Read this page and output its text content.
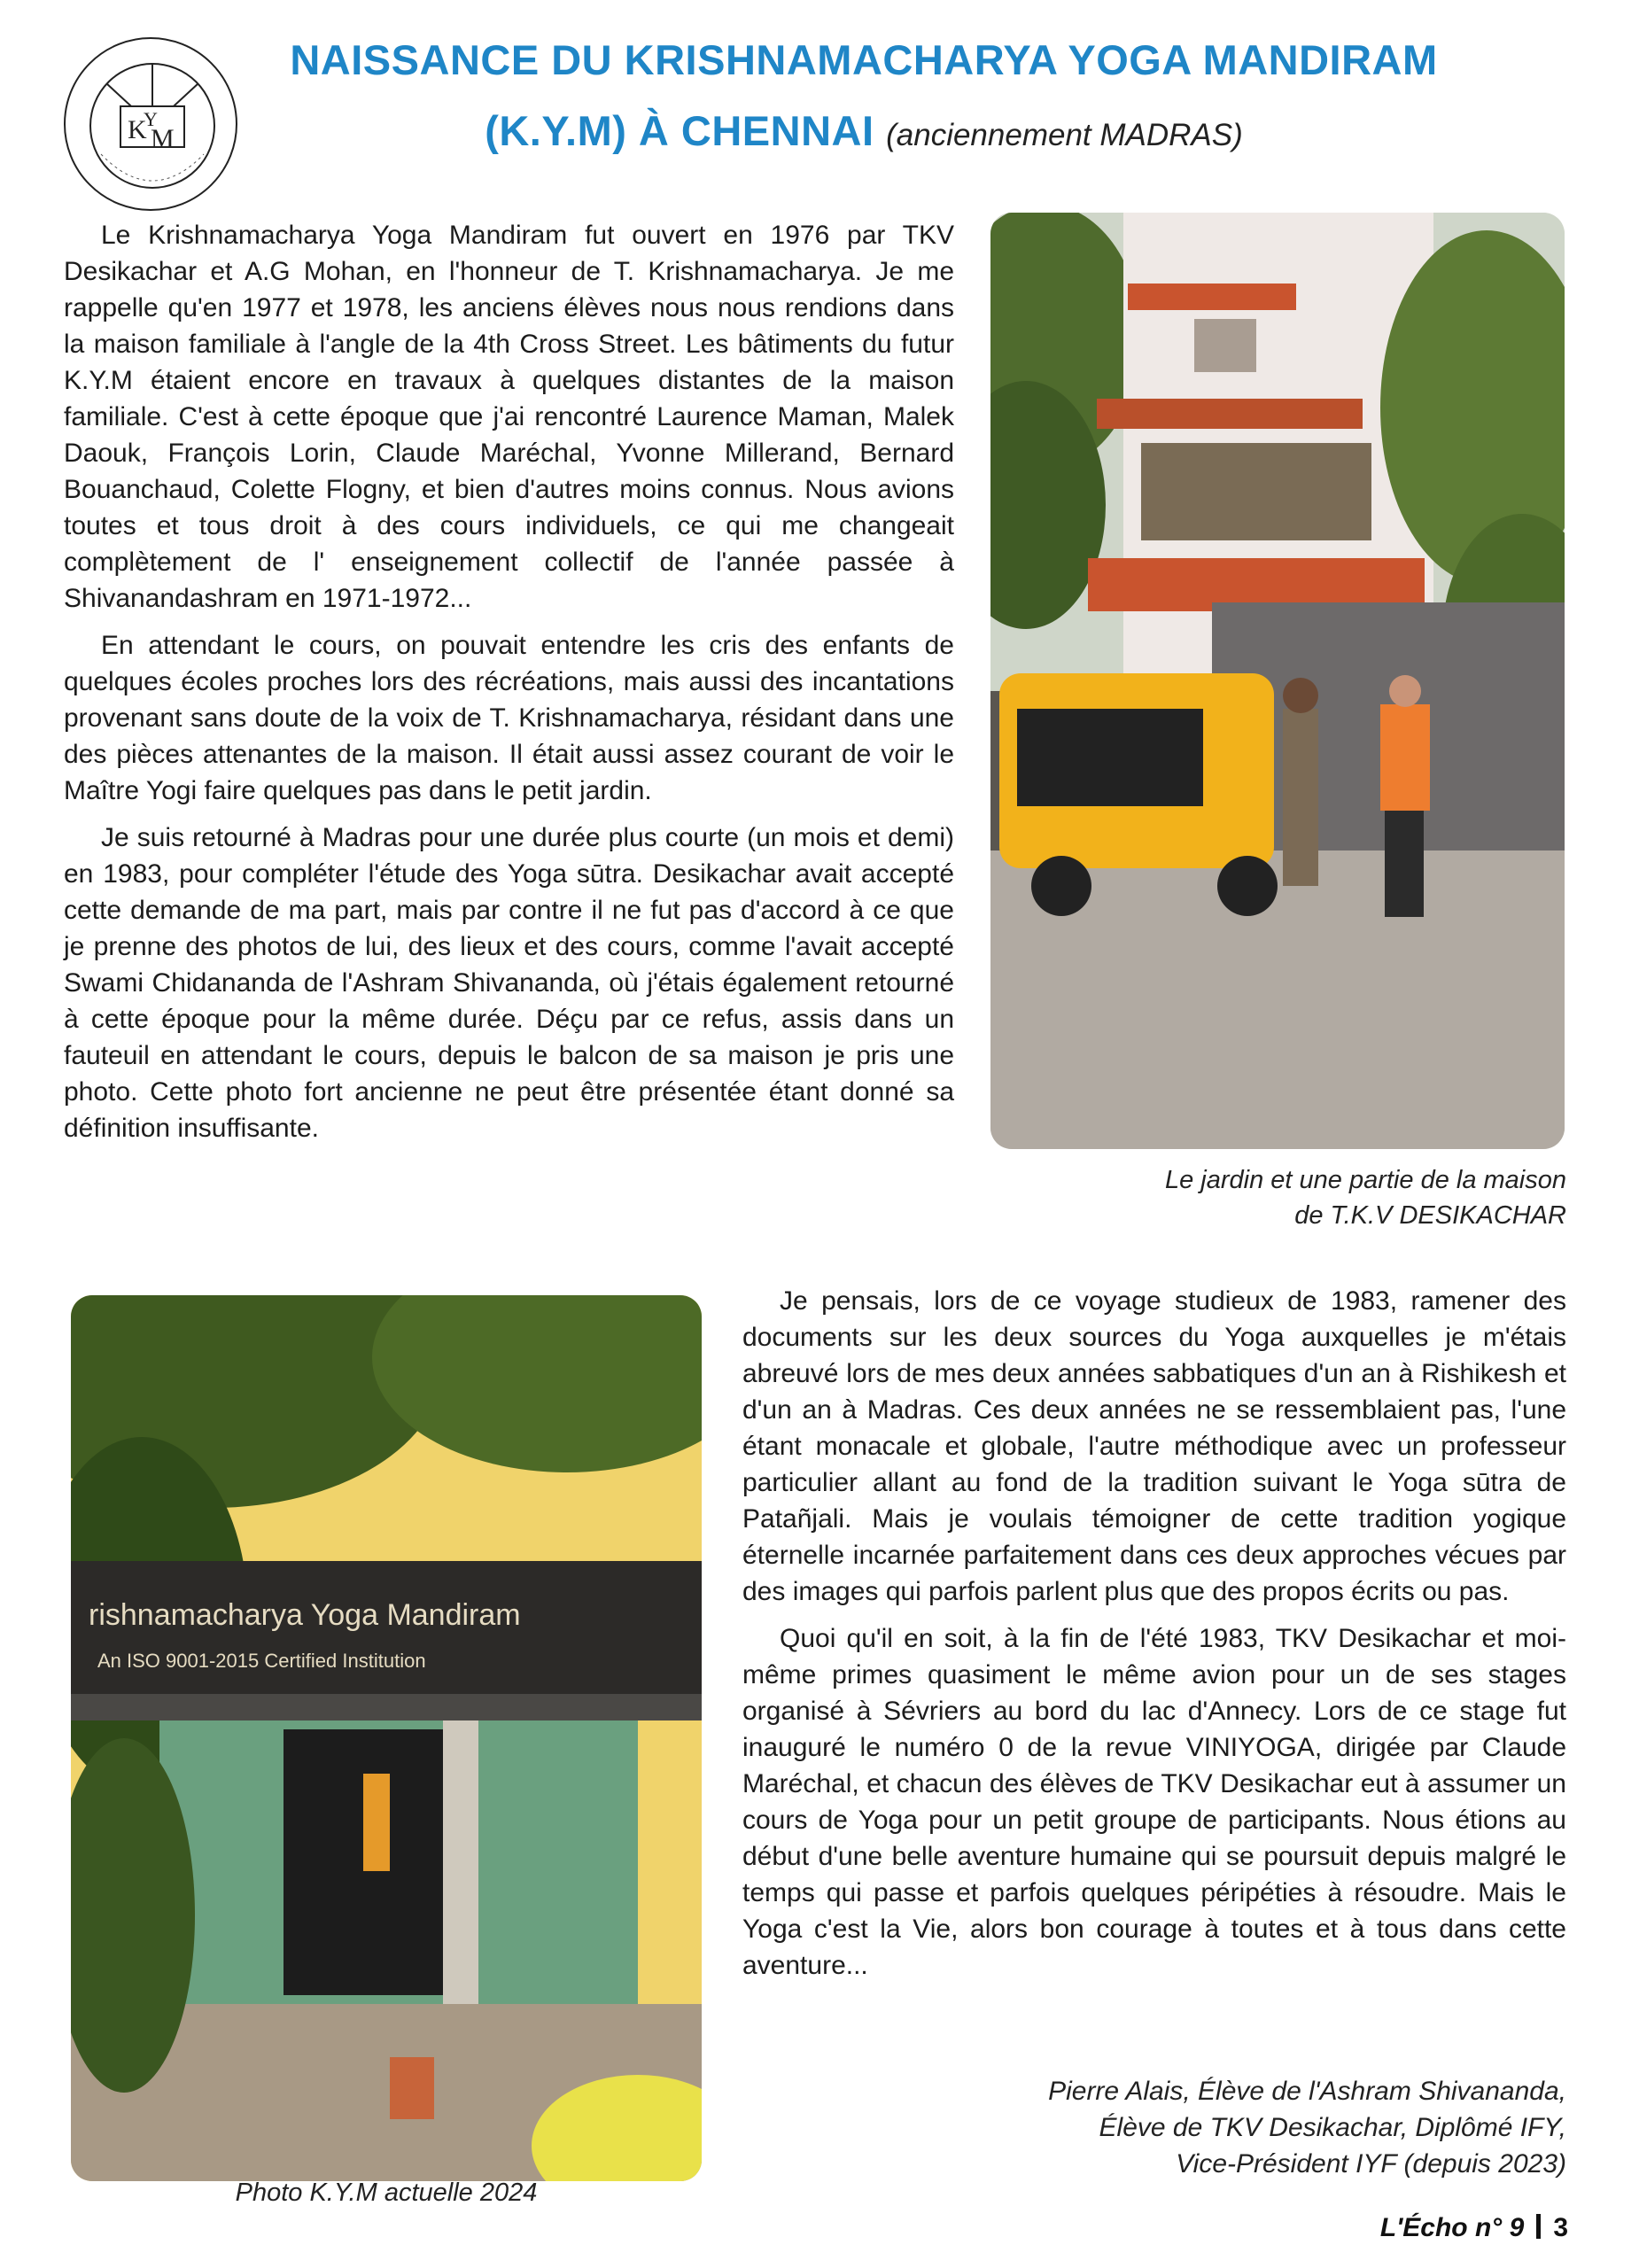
K M
Y
NAISSANCE DU KRISHNAMACHARYA YOGA MANDIRAM
(K.Y.M) À CHENNAI (anciennement MADRAS)

Le Krishnamacharya Yoga Mandiram fut ouvert en 1976 par TKV Desikachar et A.G Mohan, en l'honneur de T. Krishnamacharya. Je me rappelle qu'en 1977 et 1978, les anciens élèves nous nous rendions dans la maison familiale à l'angle de la 4th Cross Street. Les bâtiments du futur K.Y.M étaient encore en travaux à quelques distantes de la maison familiale. C'est à cette époque que j'ai rencontré Laurence Maman, Malek Daouk, François Lorin, Claude Maréchal, Yvonne Millerand, Bernard Bouanchaud, Colette Flogny, et bien d'autres moins connus. Nous avions toutes et tous droit à des cours individuels, ce qui me changeait complètement de l' enseignement collectif de l'année passée à Shivanandashram en 1971-1972...

En attendant le cours, on pouvait entendre les cris des enfants de quelques écoles proches lors des récréations, mais aussi des incantations provenant sans doute de la voix de T. Krishnamacharya, résidant dans une des pièces attenantes de la maison. Il était aussi assez courant de voir le Maître Yogi faire quelques pas dans le petit jardin.

Je suis retourné à Madras pour une durée plus courte (un mois et demi) en 1983, pour compléter l'étude des Yoga sūtra. Desikachar avait accepté cette demande de ma part, mais par contre il ne fut pas d'accord à ce que je prenne des photos de lui, des lieux et des cours, comme l'avait accepté Swami Chidananda de l'Ashram Shivananda, où j'étais également retourné à cette époque pour la même durée. Déçu par ce refus, assis dans un fauteuil en attendant le cours, depuis le balcon de sa maison je pris une photo. Cette photo fort ancienne ne peut être présentée étant donné sa définition insuffisante.

Le jardin et une partie de la maison
de T.K.V DESIKACHAR
rishnamacharya Yoga Mandiram
An ISO 9001-2015 Certified Institution
Photo K.Y.M actuelle 2024

Je pensais, lors de ce voyage studieux de 1983, ramener des documents sur les deux sources du Yoga auxquelles je m'étais abreuvé lors de mes deux années sabbatiques d'un an à Rishikesh et d'un an à Madras. Ces deux années ne se ressemblaient pas, l'une étant monacale et globale, l'autre méthodique avec un professeur particulier allant au fond de la tradition suivant le Yoga sūtra de Patañjali. Mais je voulais témoigner de cette tradition yogique éternelle incarnée parfaitement dans ces deux approches vécues par des images qui parfois parlent plus que des propos écrits ou pas.

Quoi qu'il en soit, à la fin de l'été 1983, TKV Desikachar et moi-même primes quasiment le même avion pour un de ses stages organisé à Sévriers au bord du lac d'Annecy. Lors de ce stage fut inauguré le numéro 0 de la revue VINIYOGA, dirigée par Claude Maréchal, et chacun des élèves de TKV Desikachar eut à assumer un cours de Yoga pour un petit groupe de participants. Nous étions au début d'une belle aventure humaine qui se poursuit depuis malgré le temps qui passe et parfois quelques péripéties à résoudre. Mais le Yoga c'est la Vie, alors bon courage à toutes et à tous dans cette aventure...

Pierre Alais, Élève de l'Ashram Shivananda,
Élève de TKV Desikachar, Diplômé IFY,
Vice-Président IYF (depuis 2023)
L'Écho n° 9 3
